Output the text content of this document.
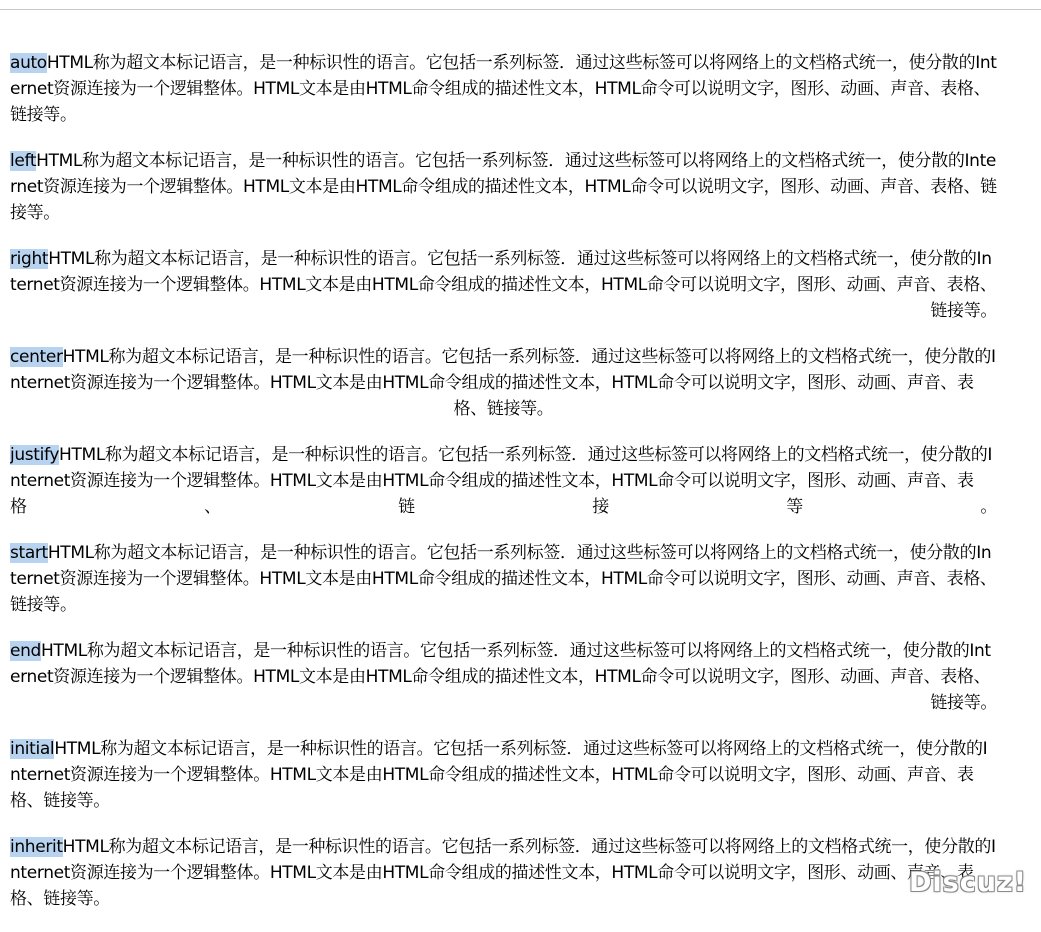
autoHTML称为超文本标记语言，是一种标识性的语言。它包括一系列标签．通过这些标签可以将网络上的文档格式统一，使分散的Internet资源连接为一个逻辑整体。HTML文本是由HTML命令组成的描述性文本，HTML命令可以说明文字，图形、动画、声音、表格、链接等。

leftHTML称为超文本标记语言，是一种标识性的语言。它包括一系列标签．通过这些标签可以将网络上的文档格式统一，使分散的Internet资源连接为一个逻辑整体。HTML文本是由HTML命令组成的描述性文本，HTML命令可以说明文字，图形、动画、声音、表格、链接等。

rightHTML称为超文本标记语言，是一种标识性的语言。它包括一系列标签．通过这些标签可以将网络上的文档格式统一，使分散的Internet资源连接为一个逻辑整体。HTML文本是由HTML命令组成的描述性文本，HTML命令可以说明文字，图形、动画、声音、表格、链接等。

centerHTML称为超文本标记语言，是一种标识性的语言。它包括一系列标签．通过这些标签可以将网络上的文档格式统一，使分散的Internet资源连接为一个逻辑整体。HTML文本是由HTML命令组成的描述性文本，HTML命令可以说明文字，图形、动画、声音、表格、链接等。

justifyHTML称为超文本标记语言，是一种标识性的语言。它包括一系列标签．通过这些标签可以将网络上的文档格式统一，使分散的Internet资源连接为一个逻辑整体。HTML文本是由HTML命令组成的描述性文本，HTML命令可以说明文字，图形、动画、声音、表格、链接等。

startHTML称为超文本标记语言，是一种标识性的语言。它包括一系列标签．通过这些标签可以将网络上的文档格式统一，使分散的Internet资源连接为一个逻辑整体。HTML文本是由HTML命令组成的描述性文本，HTML命令可以说明文字，图形、动画、声音、表格、链接等。

endHTML称为超文本标记语言，是一种标识性的语言。它包括一系列标签．通过这些标签可以将网络上的文档格式统一，使分散的Internet资源连接为一个逻辑整体。HTML文本是由HTML命令组成的描述性文本，HTML命令可以说明文字，图形、动画、声音、表格、链接等。

initialHTML称为超文本标记语言，是一种标识性的语言。它包括一系列标签．通过这些标签可以将网络上的文档格式统一，使分散的Internet资源连接为一个逻辑整体。HTML文本是由HTML命令组成的描述性文本，HTML命令可以说明文字，图形、动画、声音、表格、链接等。

inheritHTML称为超文本标记语言，是一种标识性的语言。它包括一系列标签．通过这些标签可以将网络上的文档格式统一，使分散的Internet资源连接为一个逻辑整体。HTML文本是由HTML命令组成的描述性文本，HTML命令可以说明文字，图形、动画、声音、表格、链接等。

Discuz!
